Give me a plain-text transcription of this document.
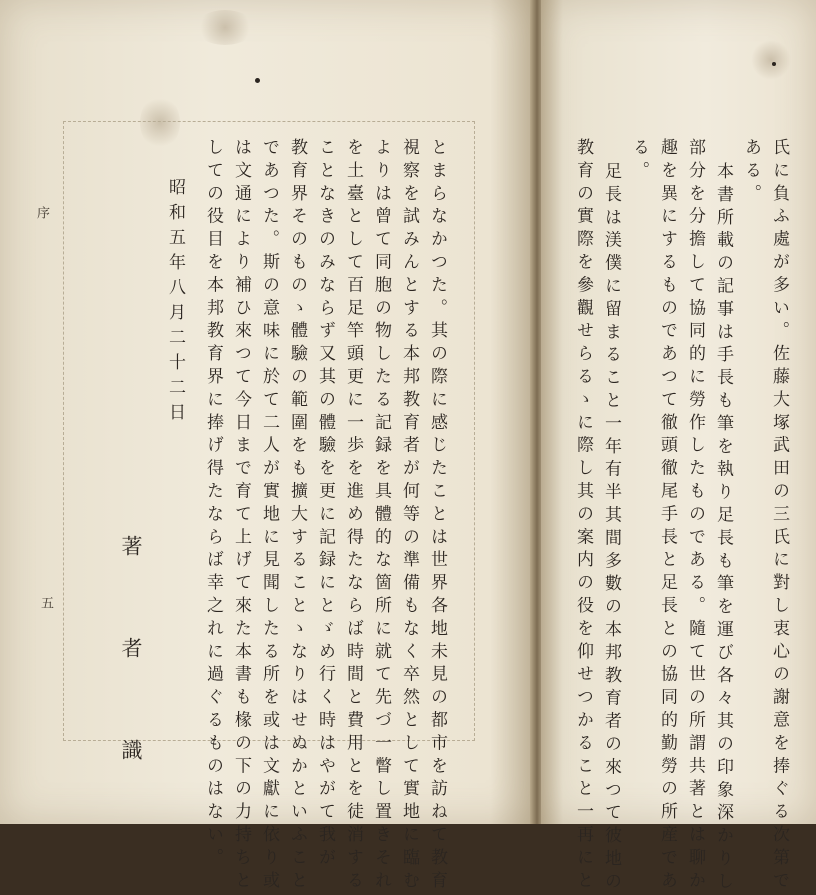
序
五	とまらなかつた。其の際に感じたことは世界各地未見の都市を訪ねて教育
視察を試みんとする本邦教育者が何等の準備もなく卒然として實地に臨む
よりは曾て同胞の物したる記録を具體的な箇所に就て先づ一瞥し置きそれ
を土臺として百足竿頭更に一歩を進め得たならば時間と費用とを徒消する
ことなきのみならず又其の體驗を更に記録にとゞめ行く時はやがて我が
教育界そのものゝ體驗の範圍をも擴大することゝなりはせぬかといふこと
であつた。斯の意味に於て二人が實地に見聞したる所を或は文獻に依り或
は文通により補ひ來つて今日まで育て上げて來た本書も椽の下の力持ちと
しての役目を本邦教育界に捧げ得たならば幸之れに過ぐるものはない。
昭和五年八月二十二日
著　者　識	氏に負ふ處が多い。佐藤大塚武田の三氏に對し衷心の謝意を捧ぐる次第で
ある。
本書所載の記事は手長も筆を執り足長も筆を運び各々其の印象深かりし
部分を分擔して協同的に勞作したものである。隨て世の所謂共著とは聊か
趣を異にするものであつて徹頭徹尾手長と足長との協同的勤勞の所産であ
る。
足長は渼僕に留まること一年有半其間多數の本邦教育者の來つて彼地の
教育の實際を參觀せらるゝに際し其の案内の役を仰せつかること一再にと
